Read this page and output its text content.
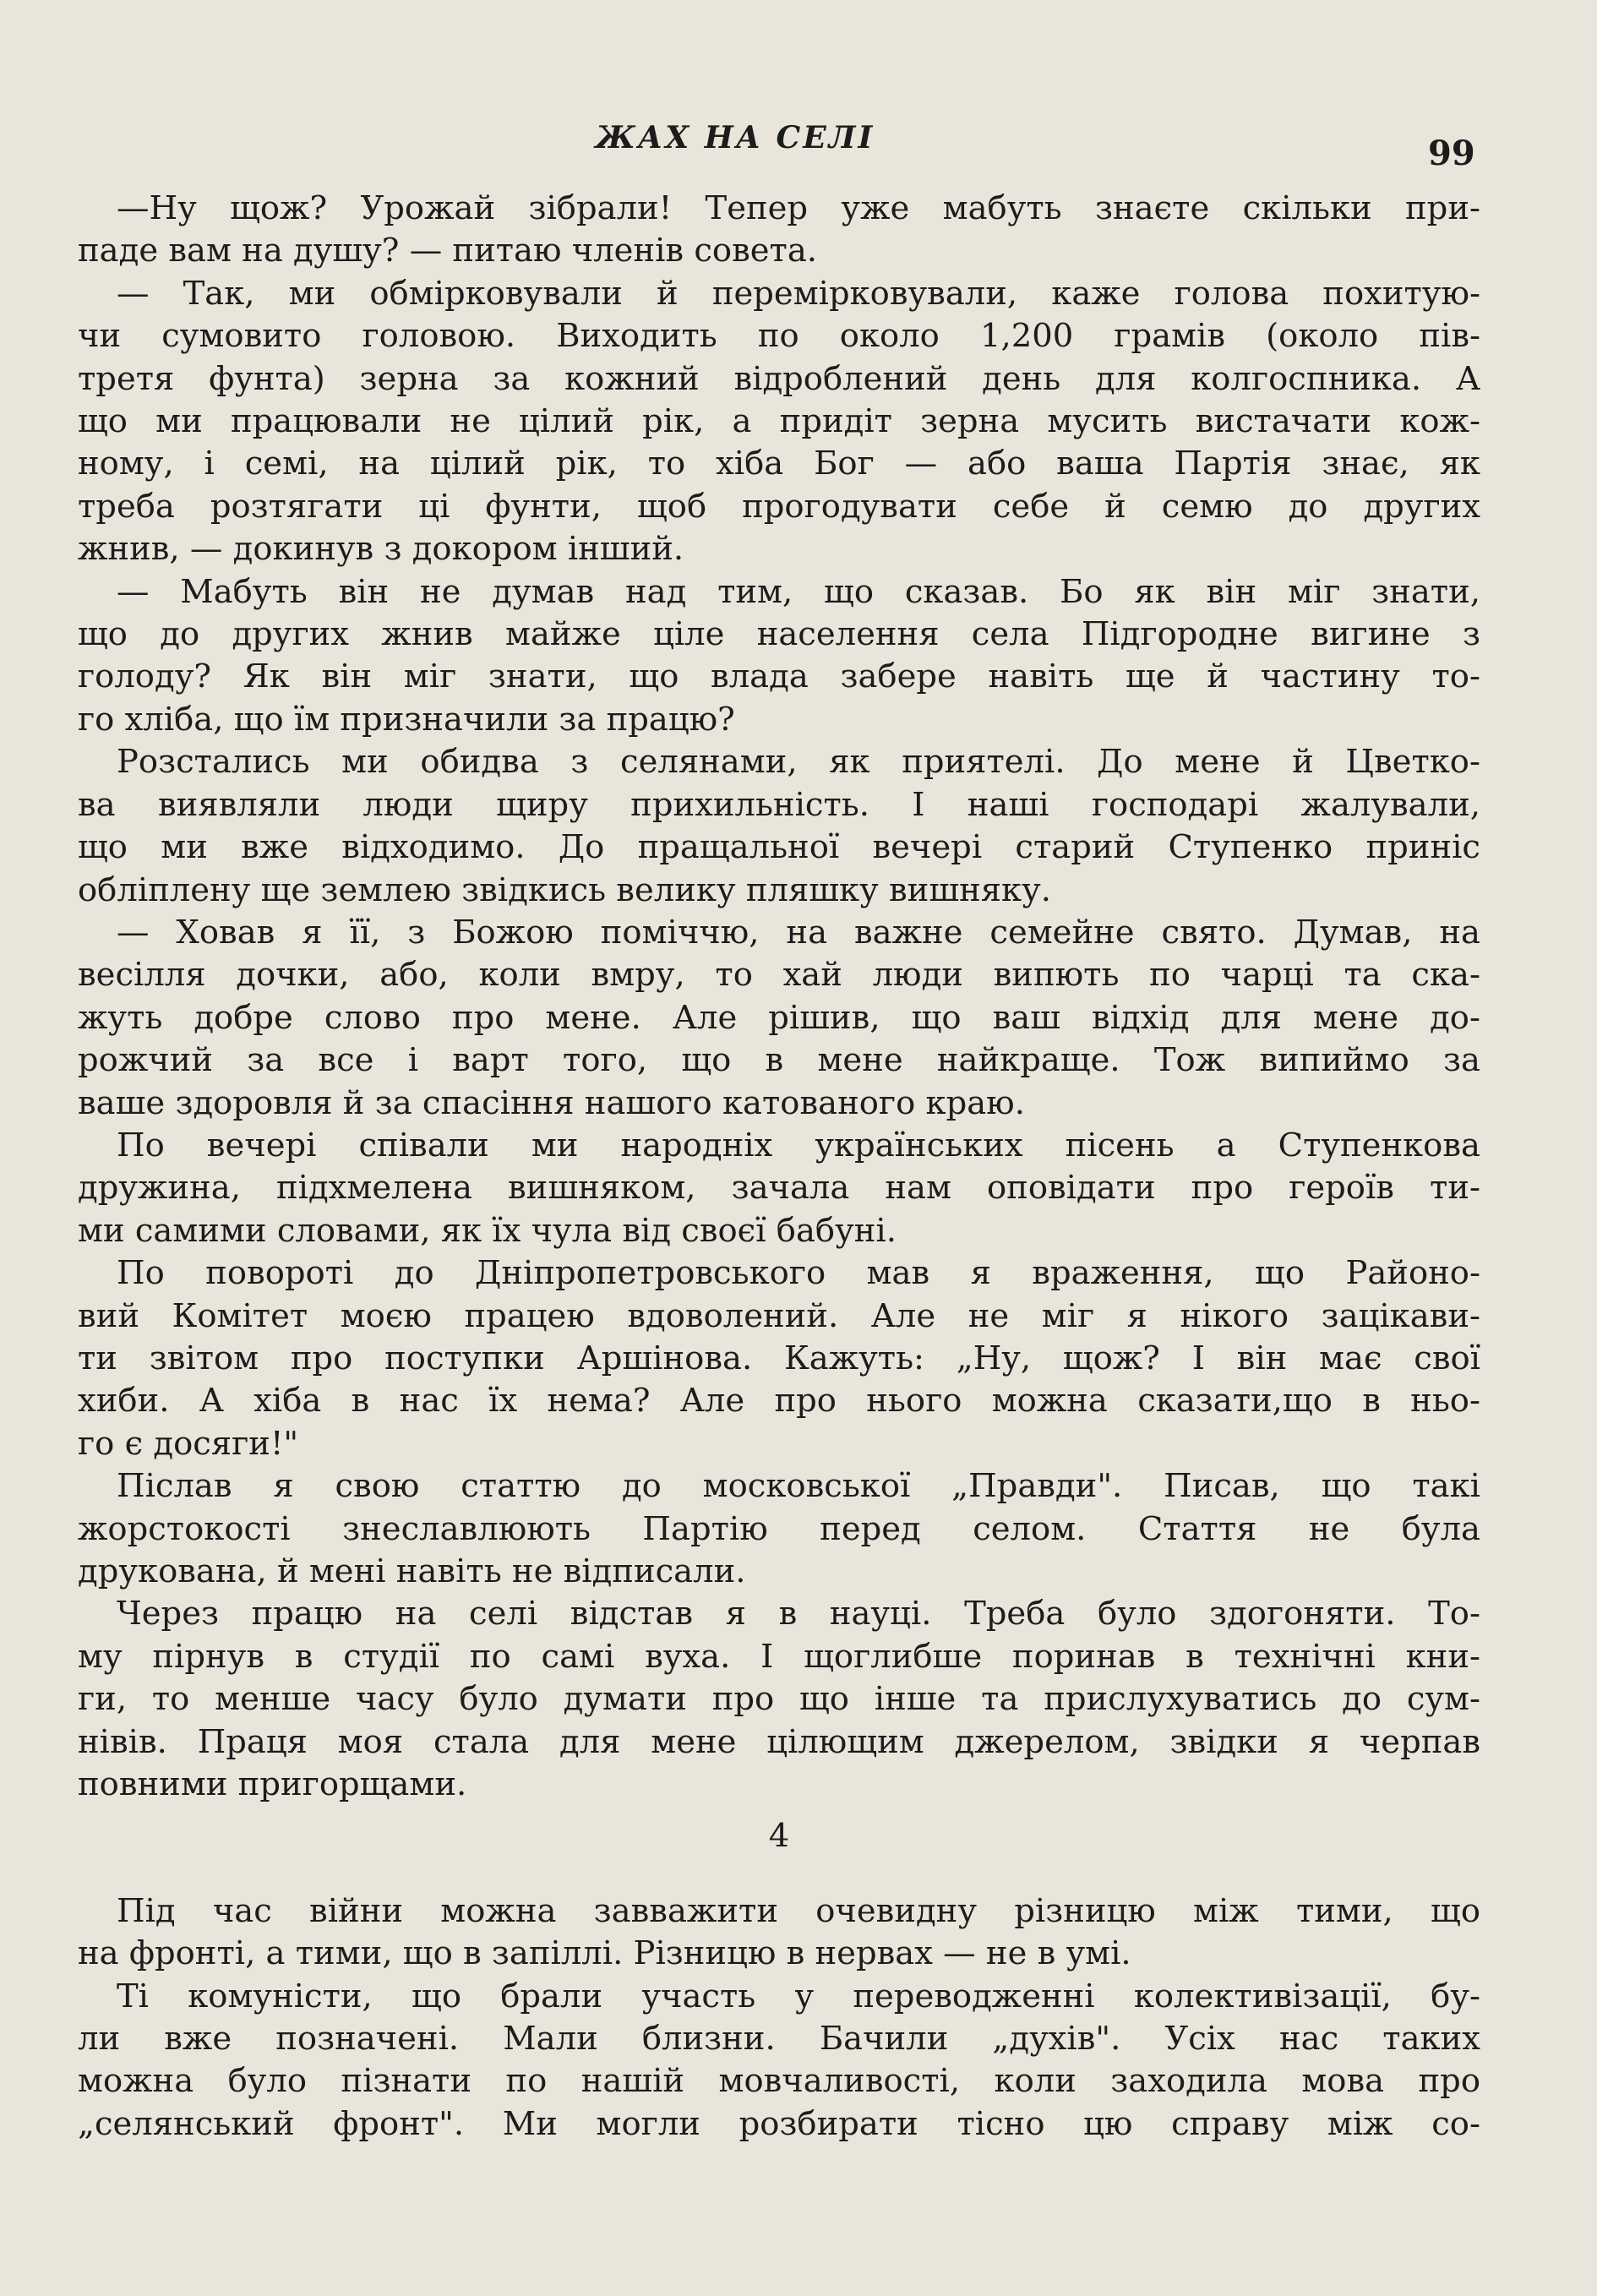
ЖАХ НА СЕЛІ	99

—Ну щож? Урожай зібрали! Тепер уже мабуть знаєте скільки при-
паде вам на душу? — питаю членів совета.

— Так, ми обмірковували й перемірковували, каже голова похитую-
чи сумовито головою. Виходить по около 1,200 грамів (около пів-
третя фунта) зерна за кожний відроблений день для колгоспника. А
що ми працювали не цілий рік, а придіт зерна мусить вистачати кож-
ному, і семі, на цілий рік, то хіба Бог — або ваша Партія знає, як
треба розтягати ці фунти, щоб прогодувати себе й семю до других
жнив, — докинув з докором інший.

— Мабуть він не думав над тим, що сказав. Бо як він міг знати,
що до других жнив майже ціле населення села Підгородне вигине з
голоду? Як він міг знати, що влада забере навіть ще й частину то-
го хліба, що їм призначили за працю?

Розстались ми обидва з селянами, як приятелі. До мене й Цветко-
ва виявляли люди щиру прихильність. І наші господарі жалували,
що ми вже відходимо. До пращальної вечері старий Ступенко приніс
обліплену ще землею звідкись велику пляшку вишняку.

— Ховав я її, з Божою поміччю, на важне семейне свято. Думав, на
весілля дочки, або, коли вмру, то хай люди випють по чарці та ска-
жуть добре слово про мене. Але рішив, що ваш відхід для мене до-
рожчий за все і варт того, що в мене найкраще. Тож випиймо за
ваше здоровля й за спасіння нашого катованого краю.

По вечері співали ми народніх українських пісень а Ступенкова
дружина, підхмелена вишняком, зачала нам оповідати про героїв ти-
ми самими словами, як їх чула від своєї бабуні.

По повороті до Дніпропетровського мав я враження, що Районо-
вий Комітет моєю працею вдоволений. Але не міг я нікого зацікави-
ти звітом про поступки Аршінова. Кажуть: „Ну, щож? І він має свої
хиби. А хіба в нас їх нема? Але про нього можна сказати,що в ньо-
го є досяги!"

Післав я свою статтю до московської „Правди". Писав, що такі
жорстокості знеславлюють Партію перед селом. Стаття не була
друкована, й мені навіть не відписали.

Через працю на селі відстав я в науці. Треба було здогоняти. То-
му пірнув в студії по самі вуха. І щоглибше поринав в технічні кни-
ги, то менше часу було думати про що інше та прислухуватись до сум-
нівів. Праця моя стала для мене цілющим джерелом, звідки я черпав
повними пригорщами.

4

Під час війни можна завважити очевидну різницю між тими, що
на фронті, а тими, що в запіллі. Різницю в нервах — не в умі.

Ті комуністи, що брали участь у переводженні колективізації, бу-
ли вже позначені. Мали близни. Бачили „духів". Усіх нас таких
можна було пізнати по нашій мовчаливості, коли заходила мова про
„селянський фронт". Ми могли розбирати тісно цю справу між со-
